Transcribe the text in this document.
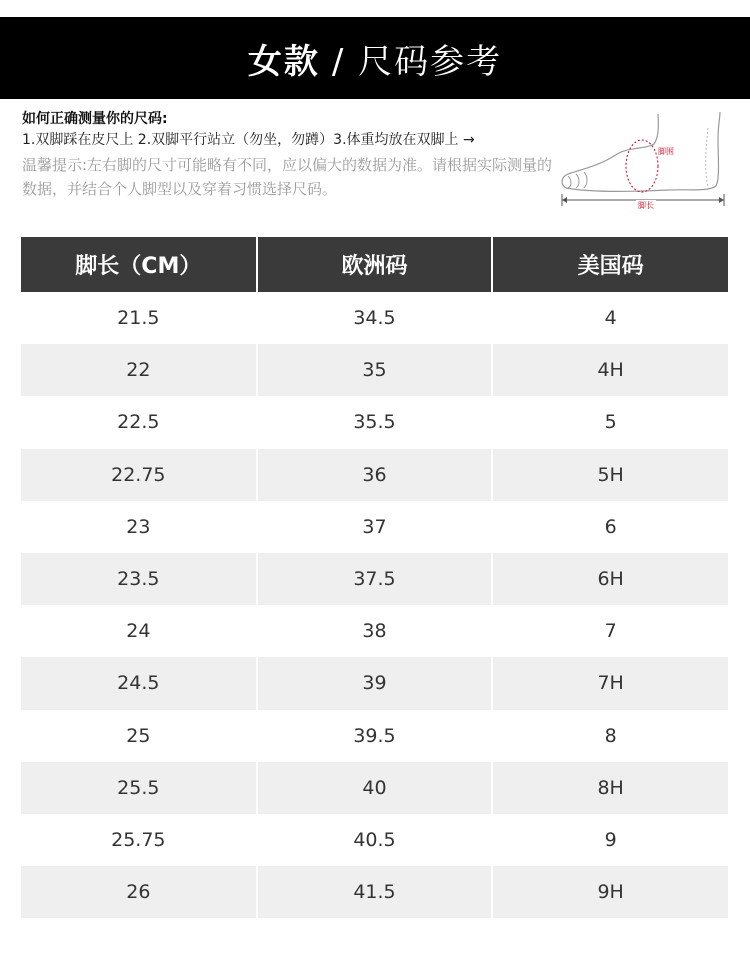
女款 / 尺码参考
如何正确测量你的尺码:
1.双脚踩在皮尺上 2.双脚平行站立（勿坐，勿蹲）3.体重均放在双脚上 →
温馨提示:左右脚的尺寸可能略有不同，应以偏大的数据为准。请根据实际测量的数据，并结合个人脚型以及穿着习惯选择尺码。
脚围
脚长
脚长（CM）	欧洲码	美国码
21.5	34.5	4
22	35	4H
22.5	35.5	5
22.75	36	5H
23	37	6
23.5	37.5	6H
24	38	7
24.5	39	7H
25	39.5	8
25.5	40	8H
25.75	40.5	9
26	41.5	9H
